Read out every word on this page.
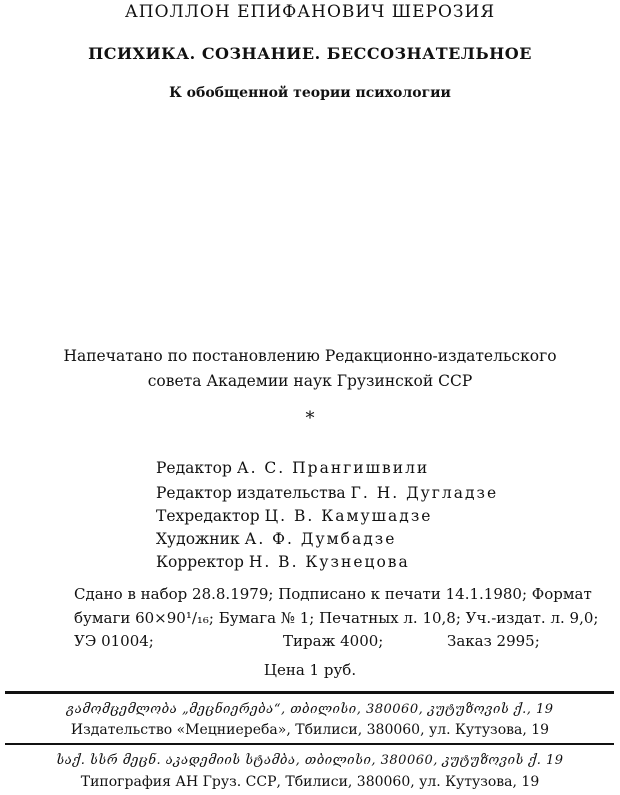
АПОЛЛОН ЕПИФАНОВИЧ ШЕРОЗИЯ
ПСИХИКА. СОЗНАНИЕ. БЕССОЗНАТЕЛЬНОЕ
К обобщенной теории психологии
Напечатано по постановлению Редакционно-издательского
совета Академии наук Грузинской ССР
*
Редактор А. С. Прангишвили
Редактор издательства Г. Н. Дугладзе
Техредактор Ц. В. Камушадзе
Художник А. Ф. Думбадзе
Корректор Н. В. Кузнецова
Сдано в набор 28.8.1979; Подписано к печати 14.1.1980; Формат
бумаги 60×90¹/₁₆; Бумага № 1; Печатных л. 10,8; Уч.-издат. л. 9,0;
УЭ 01004;	Тираж 4000;	Заказ 2995;
Цена 1 руб.
გამომცემლობა „მეცნიერება“, თბილისი, 380060, კუტუზოვის ქ., 19
Издательство «Мецниереба», Тбилиси, 380060, ул. Кутузова, 19
საქ. სსრ მეცნ. აკადემიის სტამბა, თბილისი, 380060, კუტუზოვის ქ. 19
Типография АН Груз. ССР, Тбилиси, 380060, ул. Кутузова, 19
